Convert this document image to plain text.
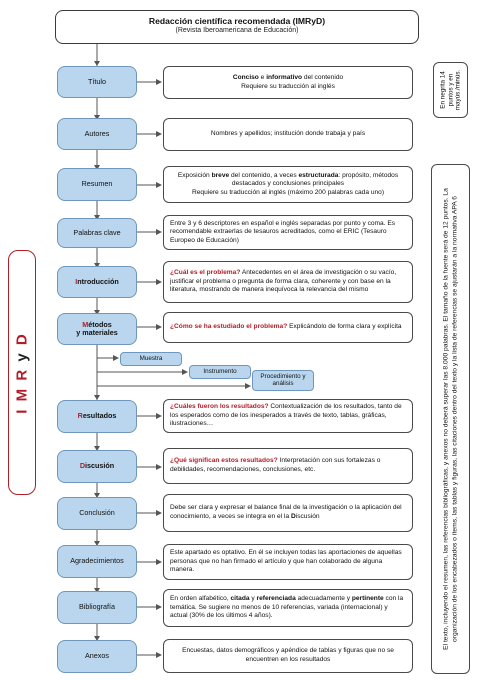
Redacción científica recomendada (IMRyD)
(Revista Iberoamericana de Educación)
I M R y D
Título	Conciso e informativo del contenido
Requiere su traducción al inglés
Autores	Nombres y apellidos; institución donde trabaja y país
Resumen
Exposición breve del contenido, a veces estructurada: propósito, métodos destacados y conclusiones principales
Requiere su traducción al inglés (máximo 200 palabras cada uno)
Palabras clave
Entre 3 y 6 descriptores en español e inglés separadas por punto y coma. Es recomendable extraerlas de tesauros acreditados, como el ERIC (Tesauro Europeo de Educación)
Introducción
¿Cuál es el problema? Antecedentes en el área de investigación o su vacío, justificar el problema o pregunta de forma clara, coherente y con base en la literatura, mostrando de manera inequívoca la relevancia del mismo
Métodos
y materiales
¿Cómo se ha estudiado el problema? Explicándolo de forma clara y explícita
Muestra
Instrumento
Procedimiento y análisis
Resultados
¿Cuáles fueron los resultados? Contextualización de los resultados, tanto de los esperados como de los inesperados a través de texto, tablas, gráficas, ilustraciones…
Discusión
¿Qué significan estos resultados? Interpretación con sus fortalezas o debilidades, recomendaciones, conclusiones, etc.
Conclusión
Debe ser clara y expresar el balance final de la investigación o la aplicación del conocimiento, a veces se integra en el la Discusión
Agradecimientos
Este apartado es optativo. En él se incluyen todas las aportaciones de aquellas personas que no han firmado el artículo y que han colaborado de alguna manera.
Bibliografía
En orden alfabético, citada y referenciada adecuadamente y pertinente con la temática. Se sugiere no menos de 10 referencias, variada (internacional) y actual (30% de los últimos 4 años).
Anexos
Encuestas, datos demográficos y apéndice de tablas y figuras que no se encuentren en los resultados
En negrita 14 puntos y en mayús./minús.
El texto, incluyendo el resumen, las referencias bibliográficas, y anexos no deberá superar las 8.000 palabras. El tamaño de la fuente será de 12 puntos. La organización de los encabezados o ítems, las tablas y figuras, las citaciones dentro del texto y la lista de referencias se ajustarán a la normativa APA 6
